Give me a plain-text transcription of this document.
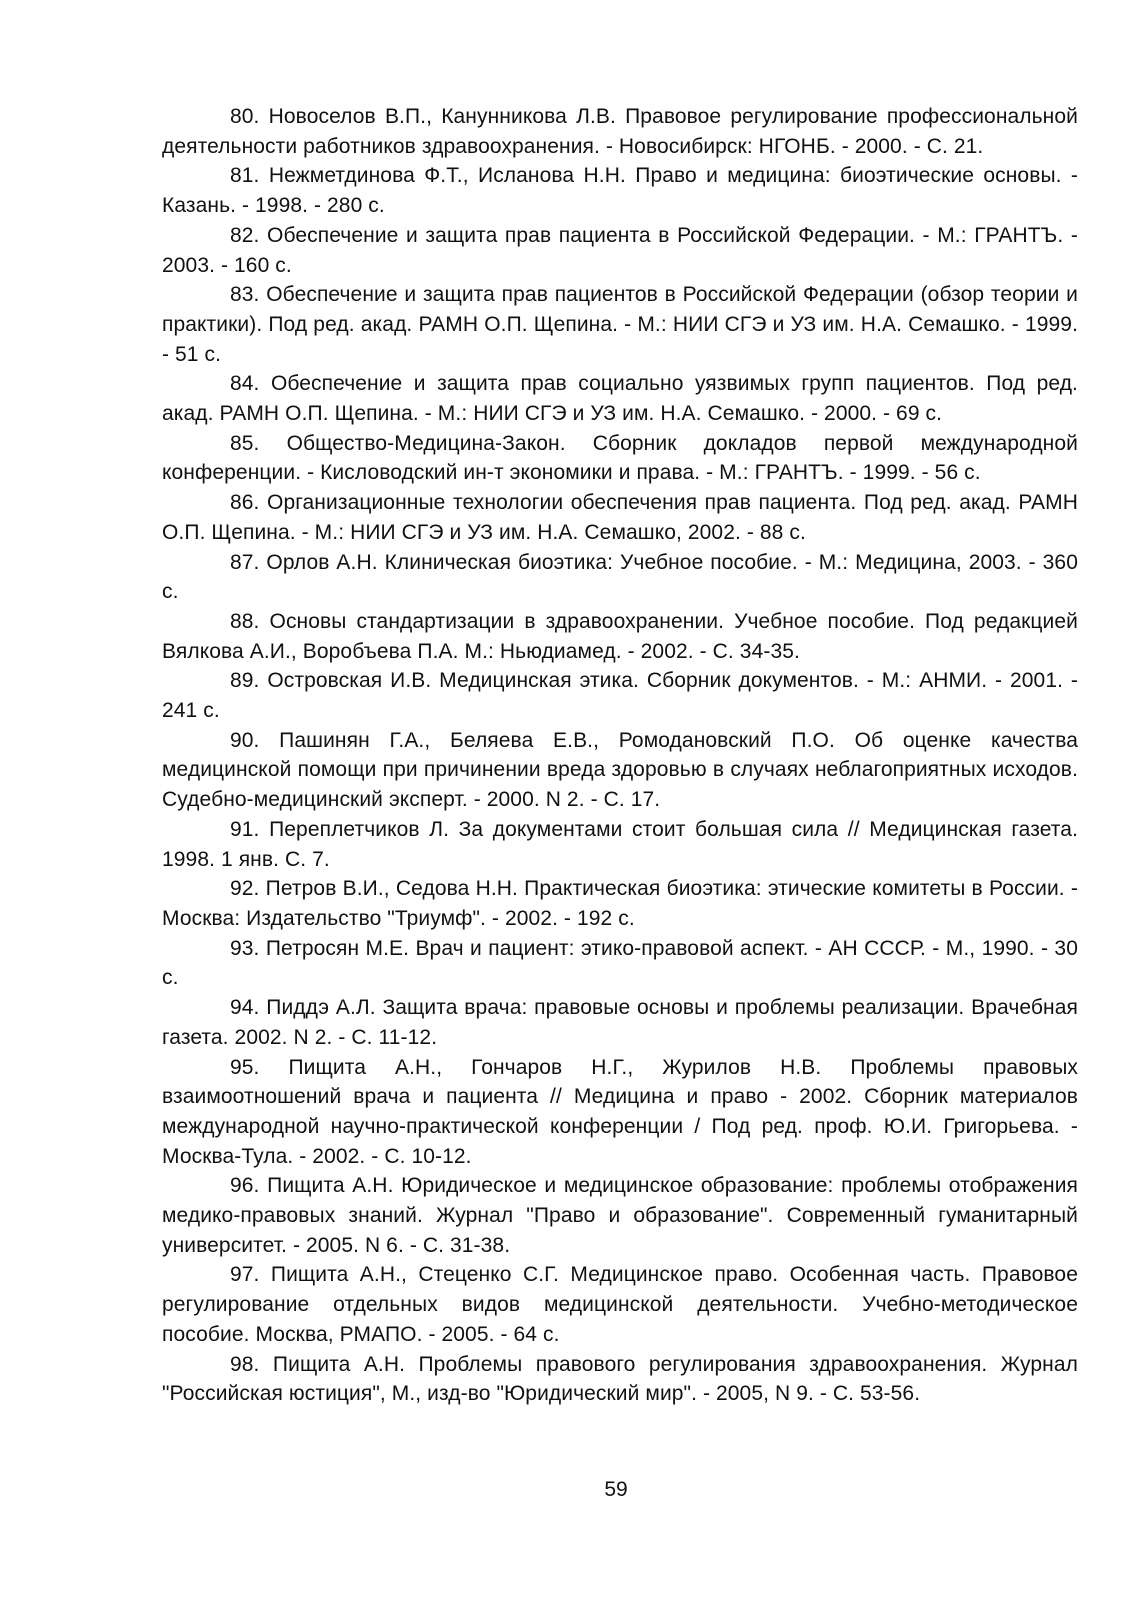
80. Новоселов В.П., Канунникова Л.В. Правовое регулирование профессиональной деятельности работников здравоохранения. - Новосибирск: НГОНБ. - 2000. - С. 21.

81. Нежметдинова Ф.Т., Исланова Н.Н. Право и медицина: биоэтические основы. - Казань. - 1998. - 280 с.

82. Обеспечение и защита прав пациента в Российской Федерации. - М.: ГРАНТЪ. - 2003. - 160 с.

83. Обеспечение и защита прав пациентов в Российской Федерации (обзор теории и практики). Под ред. акад. РАМН О.П. Щепина. - М.: НИИ СГЭ и УЗ им. Н.А. Семашко. - 1999. - 51 с.

84. Обеспечение и защита прав социально уязвимых групп пациентов. Под ред. акад. РАМН О.П. Щепина. - М.: НИИ СГЭ и УЗ им. Н.А. Семашко. - 2000. - 69 с.

85. Общество-Медицина-Закон. Сборник докладов первой международной конференции. - Кисловодский ин-т экономики и права. - М.: ГРАНТЪ. - 1999. - 56 с.

86. Организационные технологии обеспечения прав пациента. Под ред. акад. РАМН О.П. Щепина. - М.: НИИ СГЭ и УЗ им. Н.А. Семашко, 2002. - 88 с.

87. Орлов А.Н. Клиническая биоэтика: Учебное пособие. - М.: Медицина, 2003. - 360 с.

88. Основы стандартизации в здравоохранении. Учебное пособие. Под редакцией Вялкова А.И., Воробъева П.А. М.: Ньюдиамед. - 2002. - С. 34-35.

89. Островская И.В. Медицинская этика. Сборник документов. - М.: АНМИ. - 2001. - 241 с.

90. Пашинян Г.А., Беляева Е.В., Ромодановский П.О. Об оценке качества медицинской помощи при причинении вреда здоровью в случаях неблагоприятных исходов. Судебно-медицинский эксперт. - 2000. N 2. - С. 17.

91. Переплетчиков Л. За документами стоит большая сила // Медицинская газета. 1998. 1 янв. С. 7.

92. Петров В.И., Седова Н.Н. Практическая биоэтика: этические комитеты в России. - Москва: Издательство "Триумф". - 2002. - 192 с.

93. Петросян М.Е. Врач и пациент: этико-правовой аспект. - АН СССР. - М., 1990. - 30 с.

94. Пиддэ А.Л. Защита врача: правовые основы и проблемы реализации. Врачебная газета. 2002. N 2. - С. 11-12.

95. Пищита А.Н., Гончаров Н.Г., Журилов Н.В. Проблемы правовых взаимоотношений врача и пациента // Медицина и право - 2002. Сборник материалов международной научно-практической конференции / Под ред. проф. Ю.И. Григорьева. - Москва-Тула. - 2002. - С. 10-12.

96. Пищита А.Н. Юридическое и медицинское образование: проблемы отображения медико-правовых знаний. Журнал "Право и образование". Современный гуманитарный университет. - 2005. N 6. - С. 31-38.

97. Пищита А.Н., Стеценко С.Г. Медицинское право. Особенная часть. Правовое регулирование отдельных видов медицинской деятельности. Учебно-методическое пособие. Москва, РМАПО. - 2005. - 64 с.

98. Пищита А.Н. Проблемы правового регулирования здравоохранения. Журнал "Российская юстиция", М., изд-во "Юридический мир". - 2005, N 9. - С. 53-56.

59
